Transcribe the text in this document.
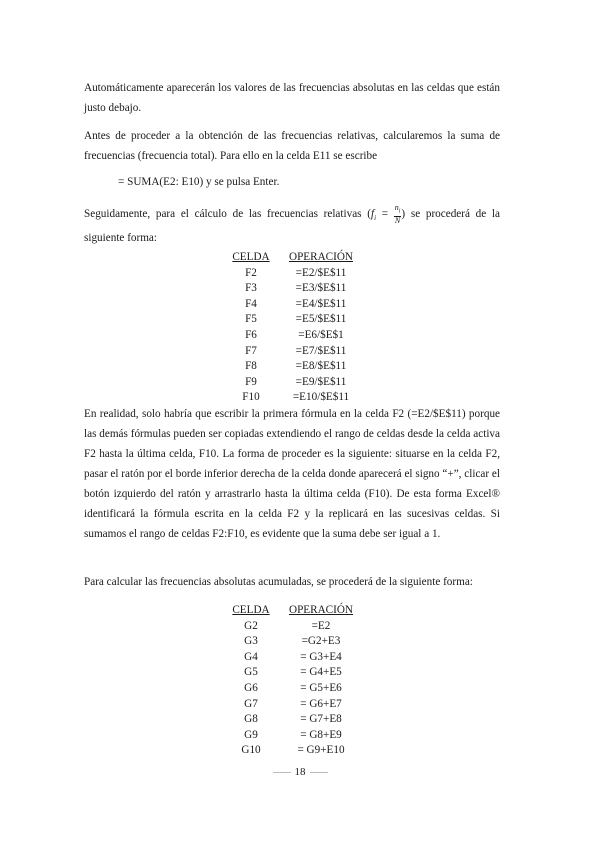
Automáticamente aparecerán los valores de las frecuencias absolutas en las celdas que están justo debajo.

Antes de proceder a la obtención de las frecuencias relativas, calcularemos la suma de frecuencias (frecuencia total). Para ello en la celda E11 se escribe

= SUMA(E2: E10) y se pulsa Enter.

Seguidamente, para el cálculo de las frecuencias relativas ($f_i = \frac{n_i}{N}$ ) se procederá de la siguiente forma:

CELDA	OPERACIÓN
F2	=E2/$E$11
F3	=E3/$E$11
F4	=E4/$E$11
F5	=E5/$E$11
F6	=E6/$E$1
F7	=E7/$E$11
F8	=E8/$E$11
F9	=E9/$E$11
F10	=E10/$E$11

En realidad, solo habría que escribir la primera fórmula en la celda F2 (=E2/$E$11) porque las demás fórmulas pueden ser copiadas extendiendo el rango de celdas desde la celda activa F2 hasta la última celda, F10. La forma de proceder es la siguiente: situarse en la celda F2, pasar el ratón por el borde inferior derecha de la celda donde aparecerá el signo “+”, clicar el botón izquierdo del ratón y arrastrarlo hasta la última celda (F10). De esta forma Excel® identificará la fórmula escrita en la celda F2 y la replicará en las sucesivas celdas. Si sumamos el rango de celdas F2:F10, es evidente que la suma debe ser igual a 1.

Para calcular las frecuencias absolutas acumuladas, se procederá de la siguiente forma:

CELDA	OPERACIÓN
G2	=E2
G3	=G2+E3
G4	= G3+E4
G5	= G4+E5
G6	= G5+E6
G7	= G6+E7
G8	= G7+E8
G9	= G8+E9
G10	= G9+E10
18
